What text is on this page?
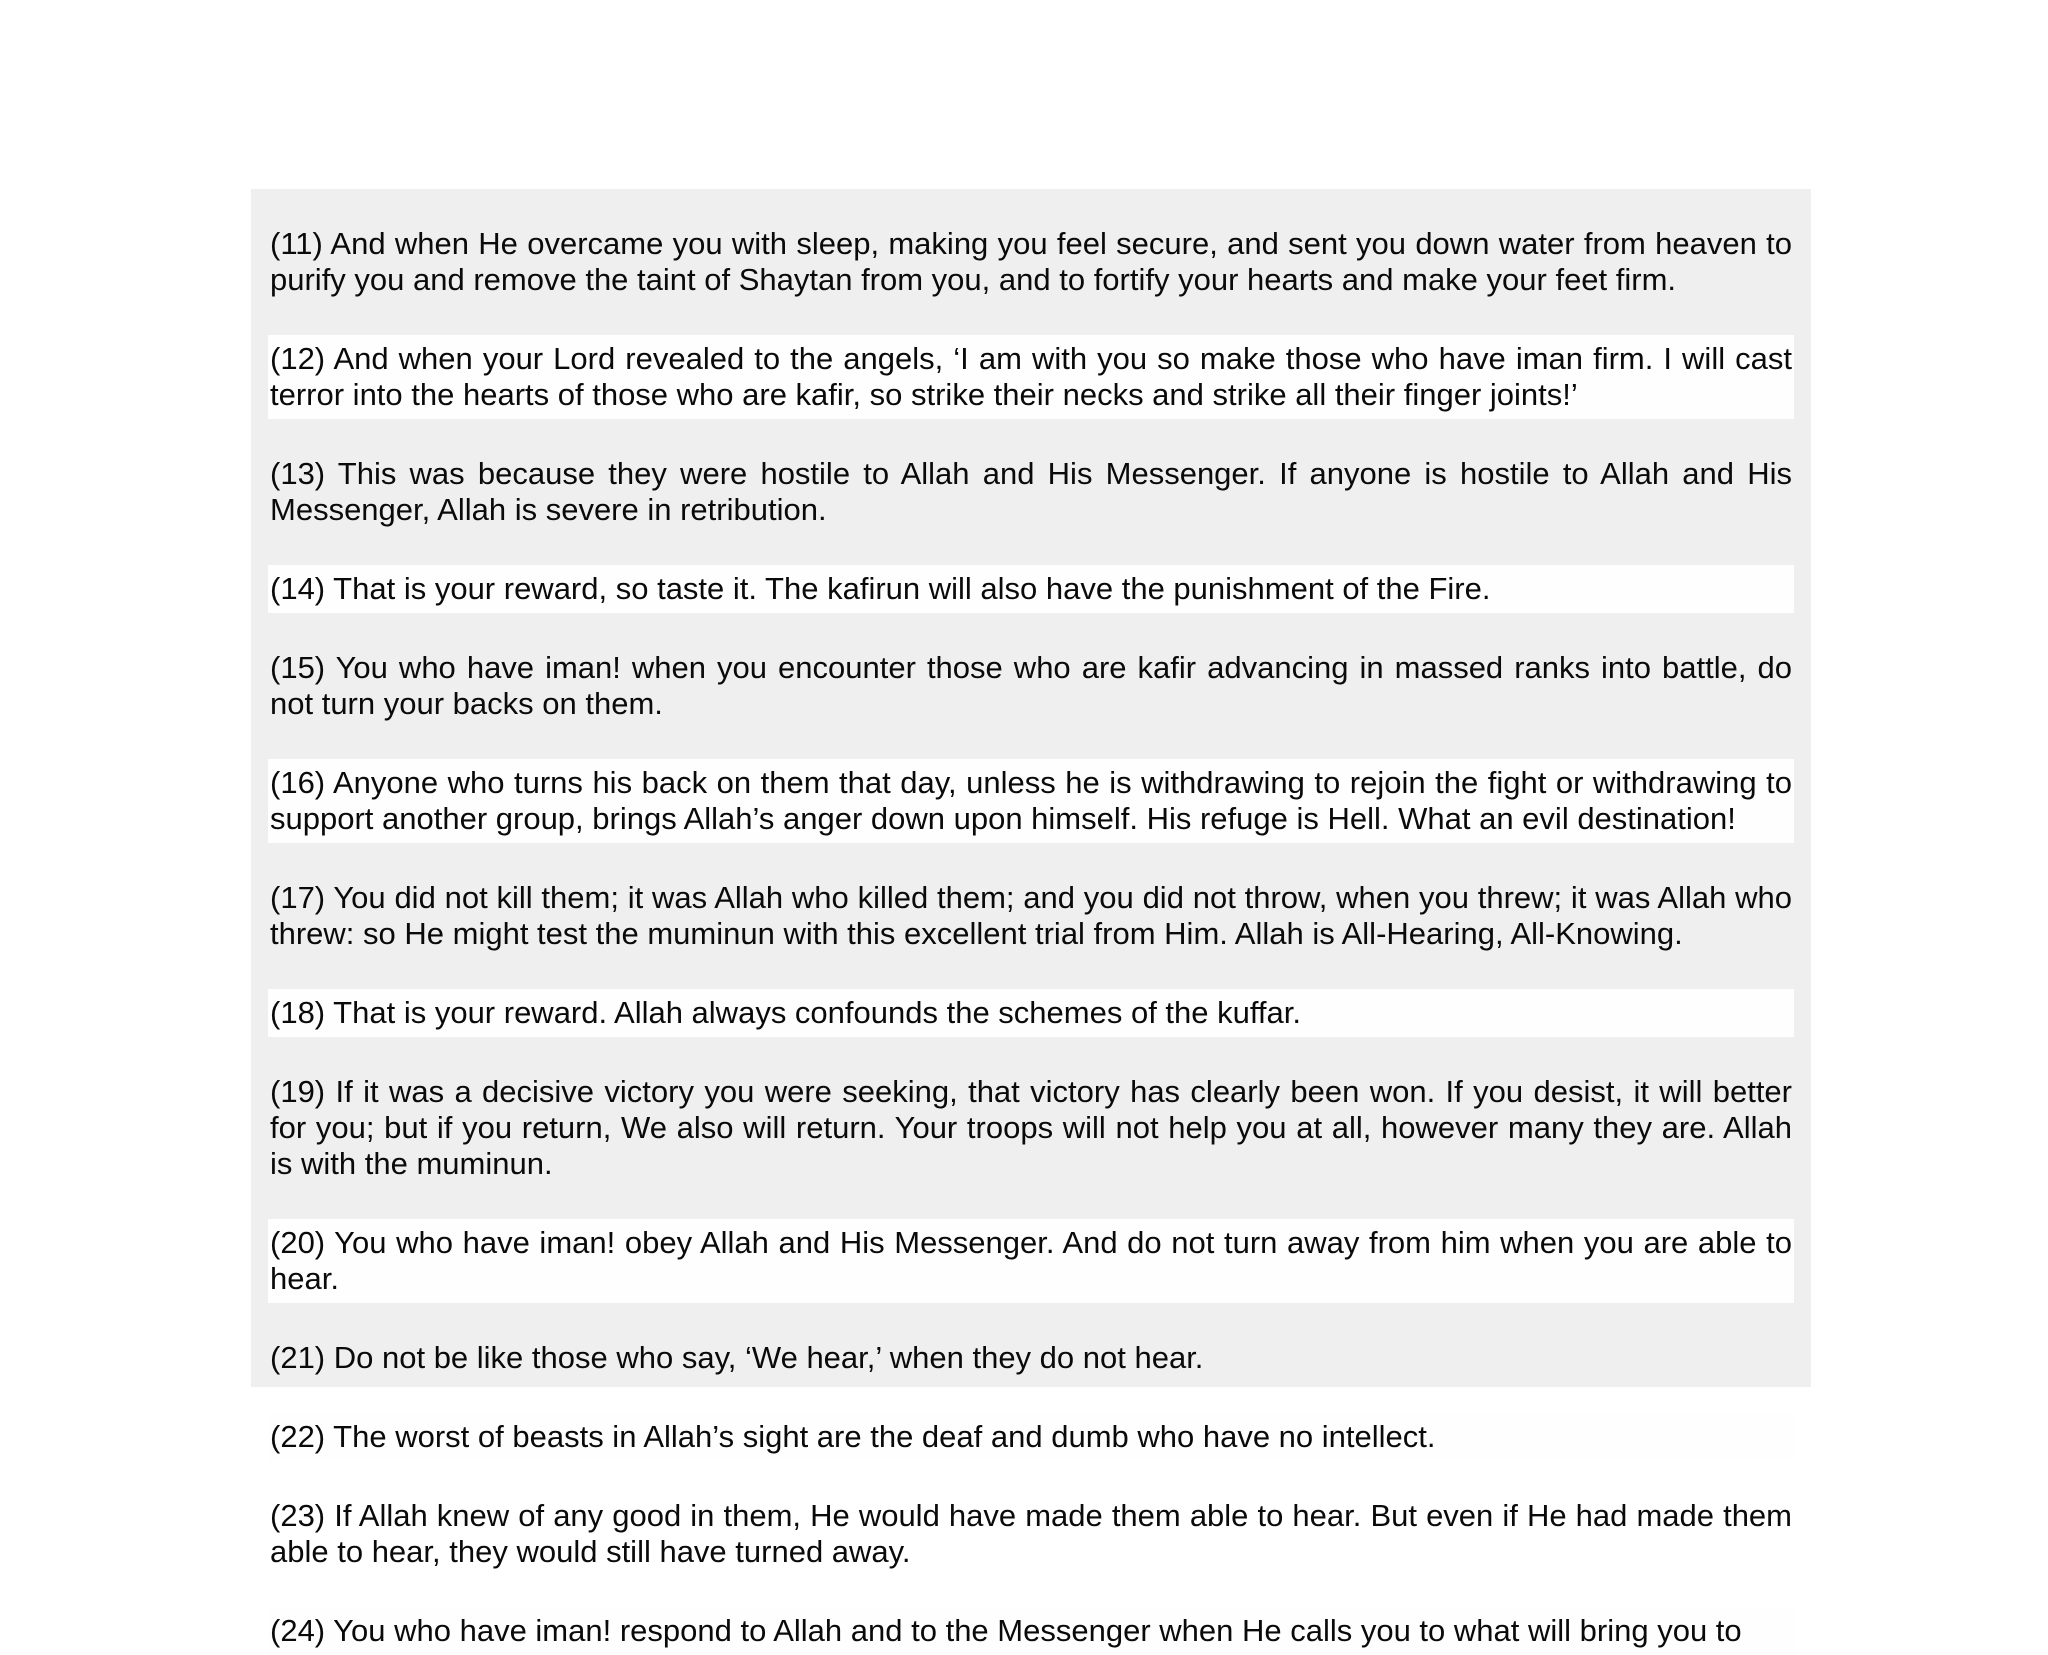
(11) And when He overcame you with sleep, making you feel secure, and sent you down water from heaven to purify you and remove the taint of Shaytan from you, and to fortify your hearts and make your feet firm.

(12) And when your Lord revealed to the angels, ‘I am with you so make those who have iman firm. I will cast terror into the hearts of those who are kafir, so strike their necks and strike all their finger joints!’

(13) This was because they were hostile to Allah and His Messenger. If anyone is hostile to Allah and His Messenger, Allah is severe in retribution.

(14) That is your reward, so taste it. The kafirun will also have the punishment of the Fire.

(15) You who have iman! when you encounter those who are kafir advancing in massed ranks into battle, do not turn your backs on them.

(16) Anyone who turns his back on them that day, unless he is withdrawing to rejoin the fight or withdrawing to support another group, brings Allah’s anger down upon himself. His refuge is Hell. What an evil destination!

(17) You did not kill them; it was Allah who killed them; and you did not throw, when you threw; it was Allah who threw: so He might test the muminun with this excellent trial from Him. Allah is All-Hearing, All-Knowing.

(18) That is your reward. Allah always confounds the schemes of the kuffar.

(19) If it was a decisive victory you were seeking, that victory has clearly been won. If you desist, it will better for you; but if you return, We also will return. Your troops will not help you at all, however many they are. Allah is with the muminun.

(20) You who have iman! obey Allah and His Messenger. And do not turn away from him when you are able to hear.

(21) Do not be like those who say, ‘We hear,’ when they do not hear.

(22) The worst of beasts in Allah’s sight are the deaf and dumb who have no intellect.

(23) If Allah knew of any good in them, He would have made them able to hear. But even if He had made them able to hear, they would still have turned away.

(24) You who have iman! respond to Allah and to the Messenger when He calls you to what will bring you to
